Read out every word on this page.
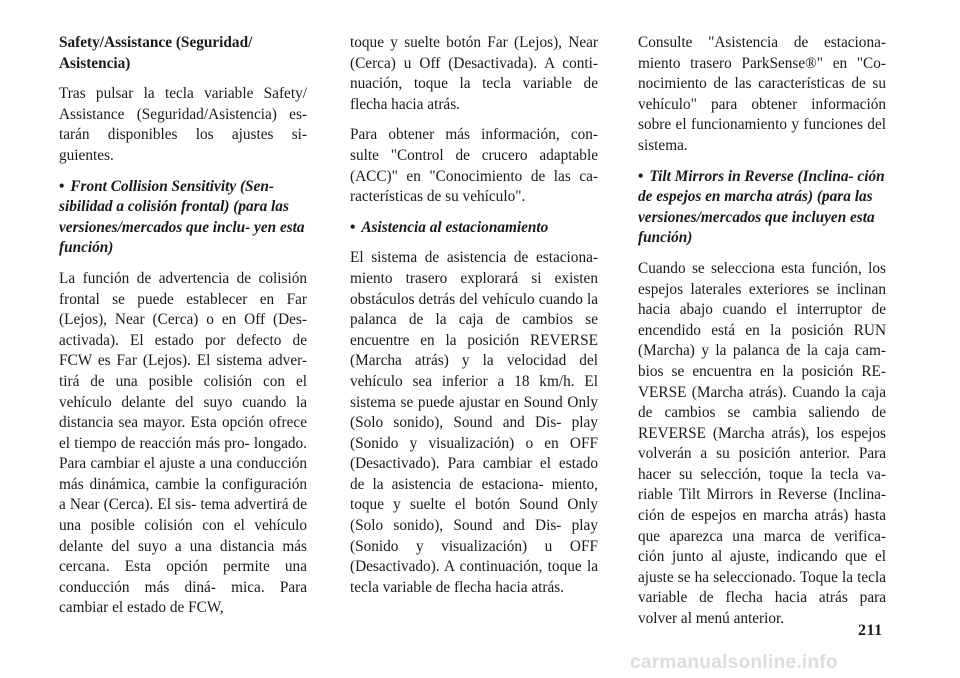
Safety/Assistance (Seguridad/ Asistencia)

Tras pulsar la tecla variable Safety/ Assistance (Seguridad/Asistencia) es- tarán disponibles los ajustes si- guientes.

• Front Collision Sensitivity (Sen- sibilidad a colisión frontal) (para las versiones/mercados que inclu- yen esta función)

La función de advertencia de colisión frontal se puede establecer en Far (Lejos), Near (Cerca) o en Off (Des- activada). El estado por defecto de FCW es Far (Lejos). El sistema adver- tirá de una posible colisión con el vehículo delante del suyo cuando la distancia sea mayor. Esta opción ofrece el tiempo de reacción más pro- longado. Para cambiar el ajuste a una conducción más dinámica, cambie la configuración a Near (Cerca). El sis- tema advertirá de una posible colisión con el vehículo delante del suyo a una distancia más cercana. Esta opción permite una conducción más diná- mica. Para cambiar el estado de FCW,

toque y suelte botón Far (Lejos), Near (Cerca) u Off (Desactivada). A conti- nuación, toque la tecla variable de flecha hacia atrás.

Para obtener más información, con- sulte "Control de crucero adaptable (ACC)" en "Conocimiento de las ca- racterísticas de su vehículo".

• Asistencia al estacionamiento

El sistema de asistencia de estaciona- miento trasero explorará si existen obstáculos detrás del vehículo cuando la palanca de la caja de cambios se encuentre en la posición REVERSE (Marcha atrás) y la velocidad del vehículo sea inferior a 18 km/h. El sistema se puede ajustar en Sound Only (Solo sonido), Sound and Dis- play (Sonido y visualización) o en OFF (Desactivado). Para cambiar el estado de la asistencia de estaciona- miento, toque y suelte el botón Sound Only (Solo sonido), Sound and Dis- play (Sonido y visualización) u OFF (Desactivado). A continuación, toque la tecla variable de flecha hacia atrás.

Consulte "Asistencia de estaciona- miento trasero ParkSense®" en "Co- nocimiento de las características de su vehículo" para obtener información sobre el funcionamiento y funciones del sistema.

• Tilt Mirrors in Reverse (Inclina- ción de espejos en marcha atrás) (para las versiones/mercados que incluyen esta función)

Cuando se selecciona esta función, los espejos laterales exteriores se inclinan hacia abajo cuando el interruptor de encendido está en la posición RUN (Marcha) y la palanca de la caja cam- bios se encuentra en la posición RE- VERSE (Marcha atrás). Cuando la caja de cambios se cambia saliendo de REVERSE (Marcha atrás), los espejos volverán a su posición anterior. Para hacer su selección, toque la tecla va- riable Tilt Mirrors in Reverse (Inclina- ción de espejos en marcha atrás) hasta que aparezca una marca de verifica- ción junto al ajuste, indicando que el ajuste se ha seleccionado. Toque la tecla variable de flecha hacia atrás para volver al menú anterior.

211
carmanualsonline.info
